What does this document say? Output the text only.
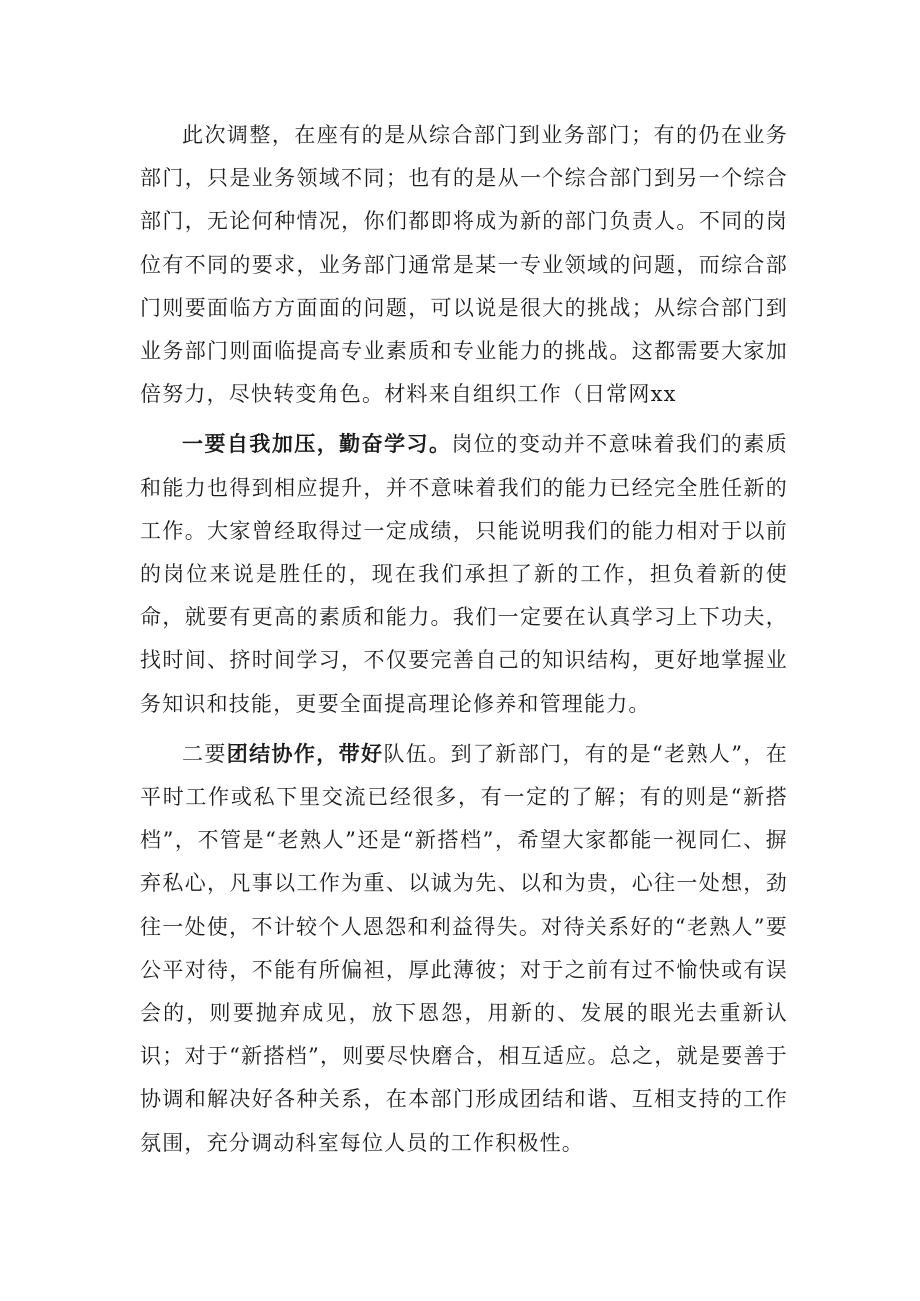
此次调整，在座有的是从综合部门到业务部门；有的仍在业务部门，只是业务领域不同；也有的是从一个综合部门到另一个综合部门，无论何种情况，你们都即将成为新的部门负责人。不同的岗位有不同的要求，业务部门通常是某一专业领域的问题，而综合部门则要面临方方面面的问题，可以说是很大的挑战；从综合部门到业务部门则面临提高专业素质和专业能力的挑战。这都需要大家加倍努力，尽快转变角色。材料来自组织工作（日常网xx

一要自我加压，勤奋学习。岗位的变动并不意味着我们的素质和能力也得到相应提升，并不意味着我们的能力已经完全胜任新的工作。大家曾经取得过一定成绩，只能说明我们的能力相对于以前的岗位来说是胜任的，现在我们承担了新的工作，担负着新的使命，就要有更高的素质和能力。我们一定要在认真学习上下功夫，找时间、挤时间学习，不仅要完善自己的知识结构，更好地掌握业务知识和技能，更要全面提高理论修养和管理能力。

二要团结协作，带好队伍。到了新部门，有的是“老熟人”，在平时工作或私下里交流已经很多，有一定的了解；有的则是“新搭档”，不管是“老熟人”还是“新搭档”，希望大家都能一视同仁、摒弃私心，凡事以工作为重、以诚为先、以和为贵，心往一处想，劲往一处使，不计较个人恩怨和利益得失。对待关系好的“老熟人”要公平对待，不能有所偏袒，厚此薄彼；对于之前有过不愉快或有误会的，则要抛弃成见，放下恩怨，用新的、发展的眼光去重新认识；对于“新搭档”，则要尽快磨合，相互适应。总之，就是要善于协调和解决好各种关系，在本部门形成团结和谐、互相支持的工作氛围，充分调动科室每位人员的工作积极性。
